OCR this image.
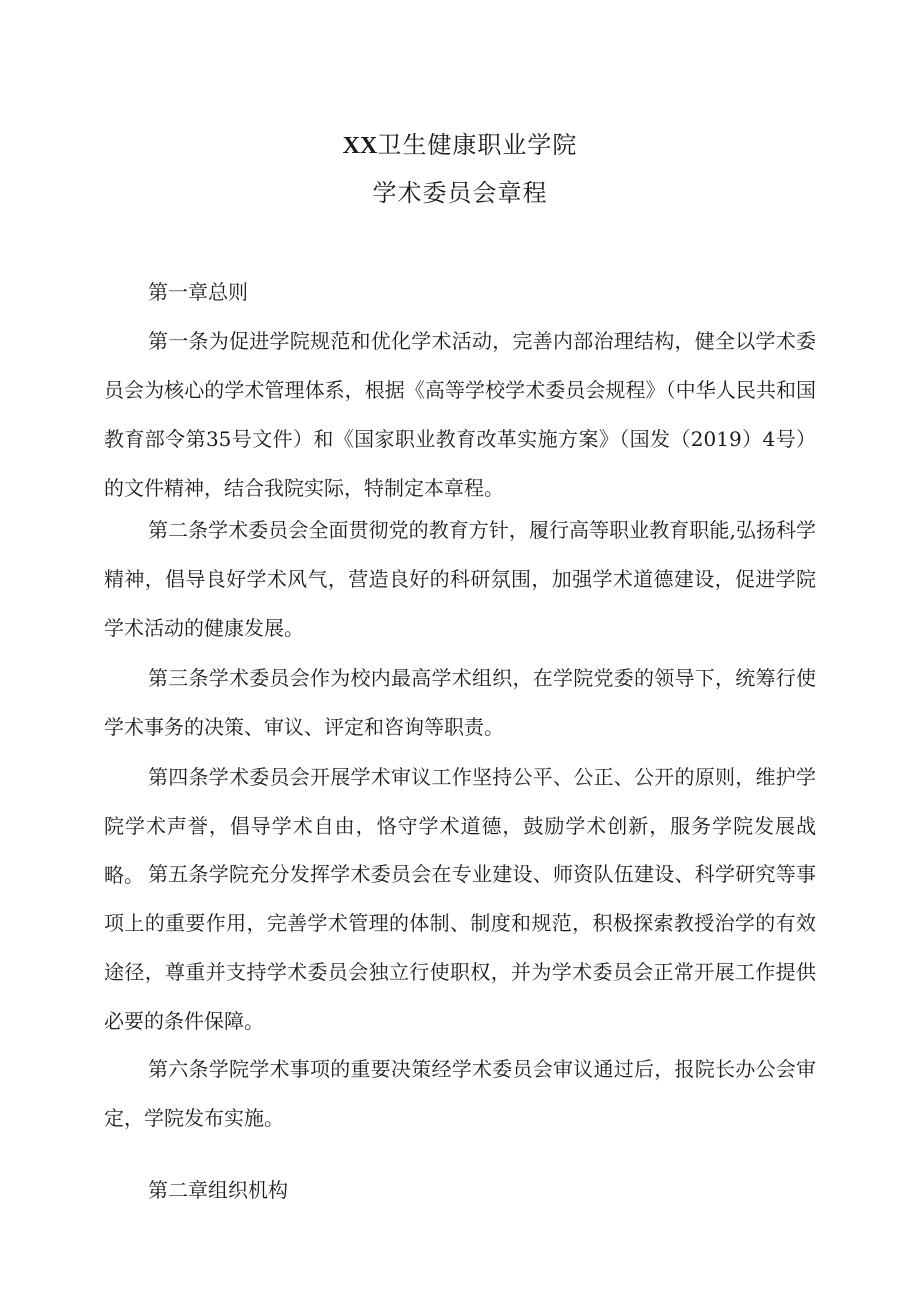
XX卫生健康职业学院
学术委员会章程
第一章总则

第一条为促进学院规范和优化学术活动，完善内部治理结构，健全以学术委员会为核心的学术管理体系，根据《高等学校学术委员会规程》（中华人民共和国教育部令第35号文件）和《国家职业教育改革实施方案》（国发（2019）4号）的文件精神，结合我院实际，特制定本章程。

第二条学术委员会全面贯彻党的教育方针，履行高等职业教育职能,弘扬科学精神，倡导良好学术风气，营造良好的科研氛围，加强学术道德建设，促进学院学术活动的健康发展。

第三条学术委员会作为校内最高学术组织，在学院党委的领导下，统筹行使学术事务的决策、审议、评定和咨询等职责。

第四条学术委员会开展学术审议工作坚持公平、公正、公开的原则，维护学院学术声誉，倡导学术自由，恪守学术道德，鼓励学术创新，服务学院发展战略。 第五条学院充分发挥学术委员会在专业建设、师资队伍建设、科学研究等事项上的重要作用，完善学术管理的体制、制度和规范，积极探索教授治学的有效途径，尊重并支持学术委员会独立行使职权，并为学术委员会正常开展工作提供必要的条件保障。

第六条学院学术事项的重要决策经学术委员会审议通过后，报院长办公会审定，学院发布实施。

第二章组织机构
